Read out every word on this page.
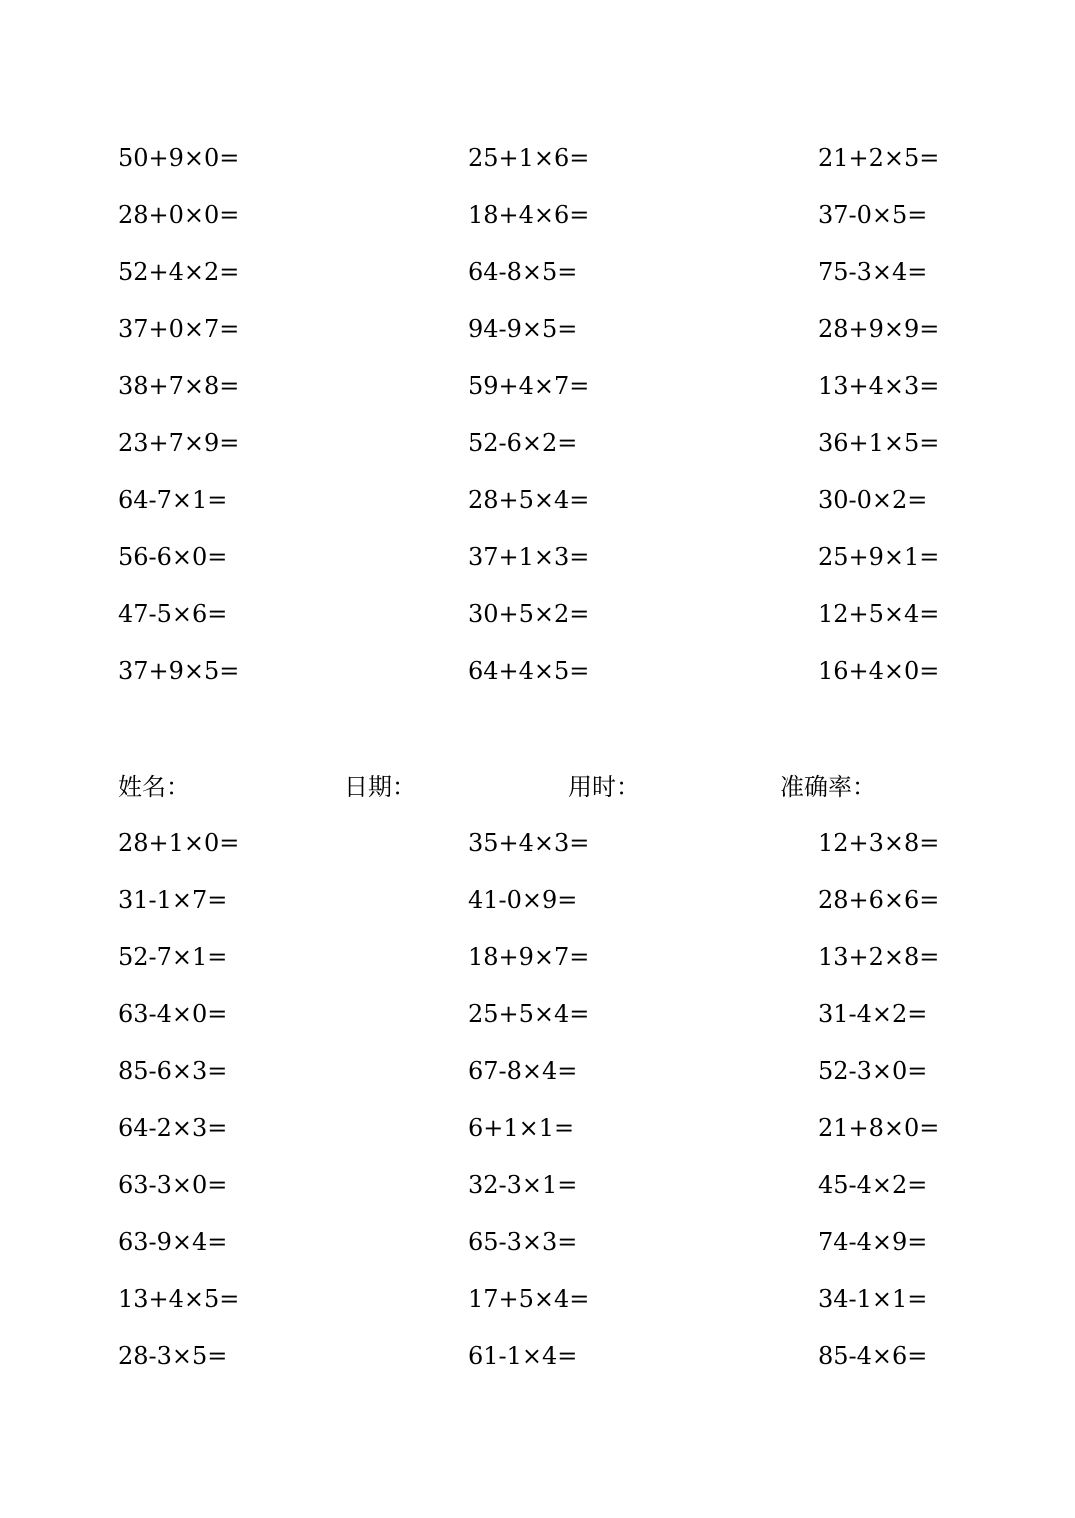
50+9×0=	25+1×6=	21+2×5=
28+0×0=	18+4×6=	37-0×5=
52+4×2=	64-8×5=	75-3×4=
37+0×7=	94-9×5=	28+9×9=
38+7×8=	59+4×7=	13+4×3=
23+7×9=	52-6×2=	36+1×5=
64-7×1=	28+5×4=	30-0×2=
56-6×0=	37+1×3=	25+9×1=
47-5×6=	30+5×2=	12+5×4=
37+9×5=	64+4×5=	16+4×0=
姓名：	日期：	用时：	准确率：
28+1×0=	35+4×3=	12+3×8=
31-1×7=	41-0×9=	28+6×6=
52-7×1=	18+9×7=	13+2×8=
63-4×0=	25+5×4=	31-4×2=
85-6×3=	67-8×4=	52-3×0=
64-2×3=	6+1×1=	21+8×0=
63-3×0=	32-3×1=	45-4×2=
63-9×4=	65-3×3=	74-4×9=
13+4×5=	17+5×4=	34-1×1=
28-3×5=	61-1×4=	85-4×6=
